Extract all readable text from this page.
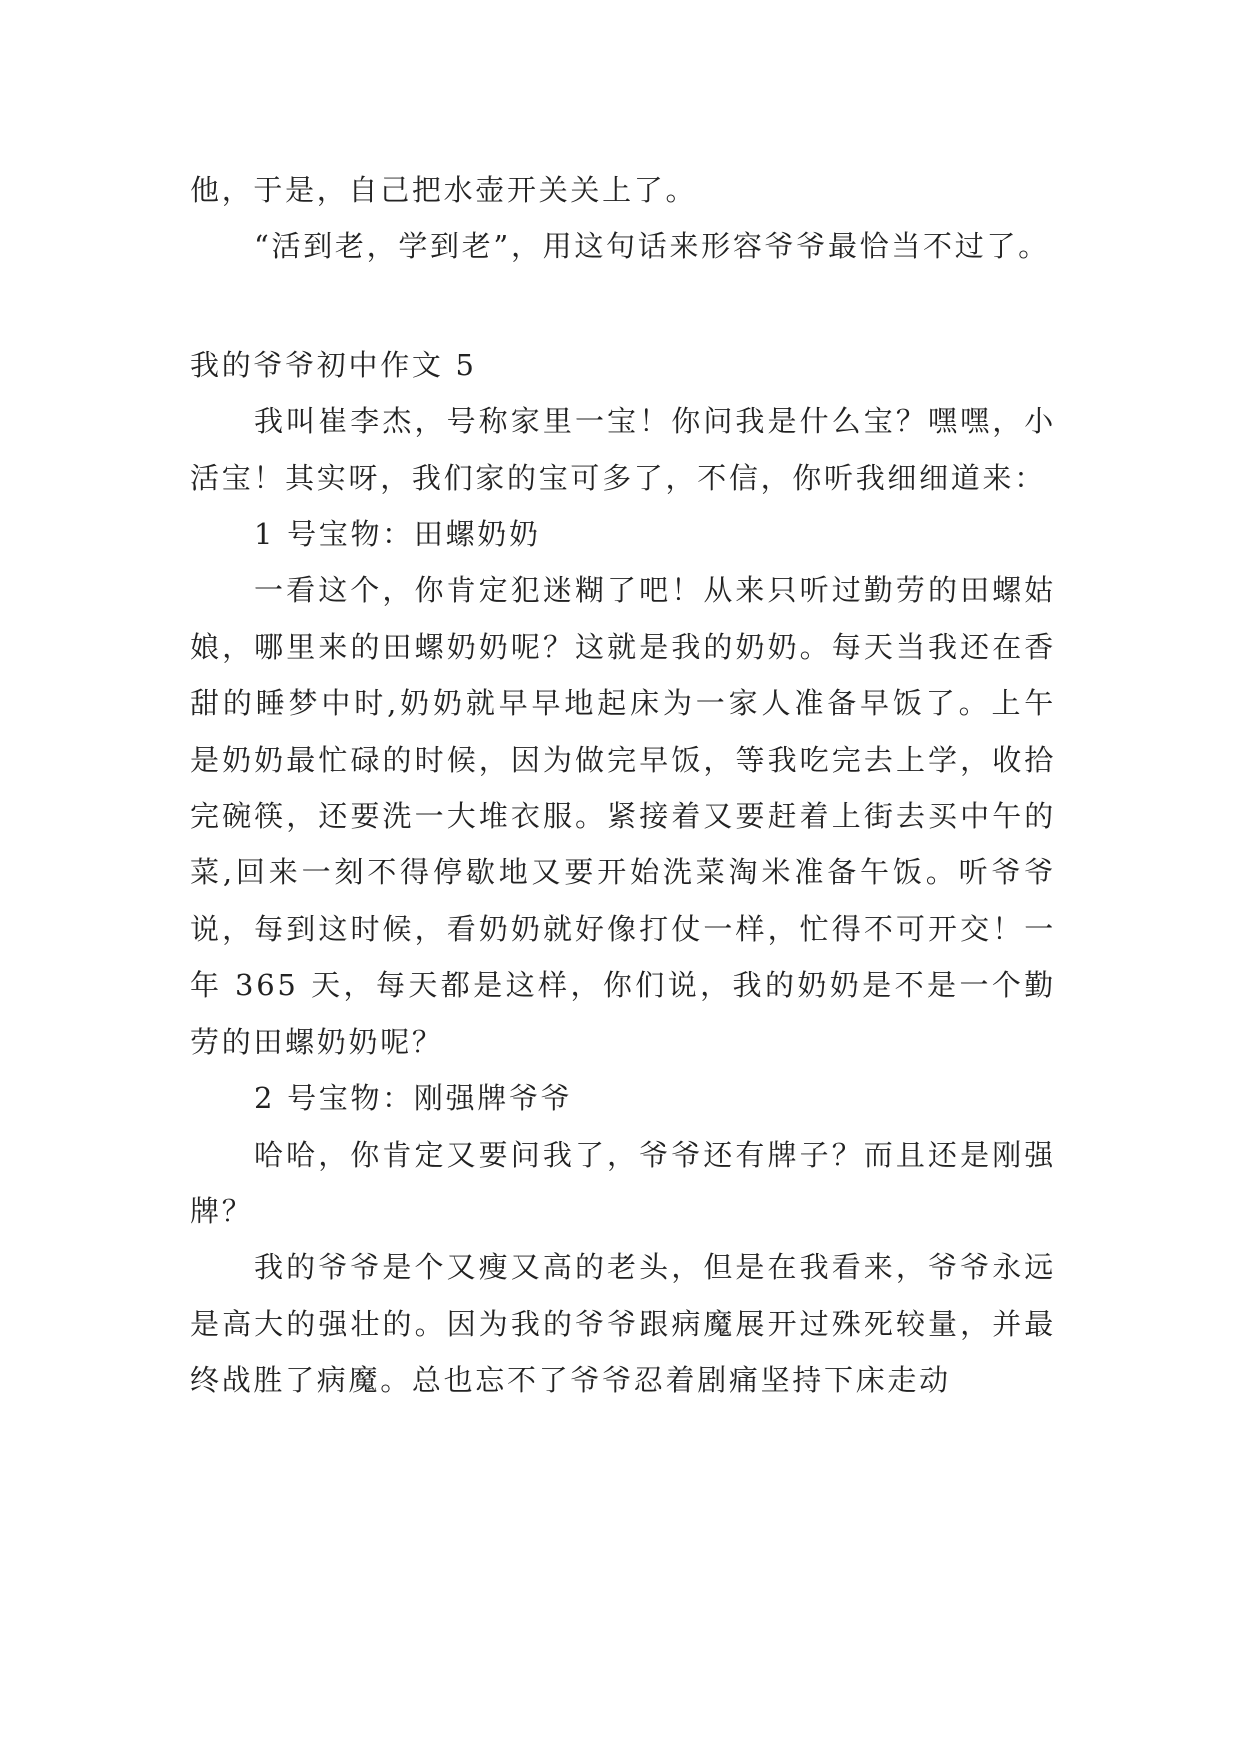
他，于是，自己把水壶开关关上了。

“活到老，学到老”，用这句话来形容爷爷最恰当不过了。

我的爷爷初中作文 5

我叫崔李杰，号称家里一宝！你问我是什么宝？嘿嘿，小活宝！其实呀，我们家的宝可多了，不信，你听我细细道来：

1 号宝物：田螺奶奶

一看这个，你肯定犯迷糊了吧！从来只听过勤劳的田螺姑娘，哪里来的田螺奶奶呢？这就是我的奶奶。每天当我还在香甜的睡梦中时,奶奶就早早地起床为一家人准备早饭了。上午是奶奶最忙碌的时候，因为做完早饭，等我吃完去上学，收拾完碗筷，还要洗一大堆衣服。紧接着又要赶着上街去买中午的菜,回来一刻不得停歇地又要开始洗菜淘米准备午饭。听爷爷说，每到这时候，看奶奶就好像打仗一样，忙得不可开交！一年 365 天，每天都是这样，你们说，我的奶奶是不是一个勤劳的田螺奶奶呢？

2 号宝物：刚强牌爷爷

哈哈，你肯定又要问我了，爷爷还有牌子？而且还是刚强牌？

我的爷爷是个又瘦又高的老头，但是在我看来，爷爷永远是高大的强壮的。因为我的爷爷跟病魔展开过殊死较量，并最终战胜了病魔。总也忘不了爷爷忍着剧痛坚持下床走动
